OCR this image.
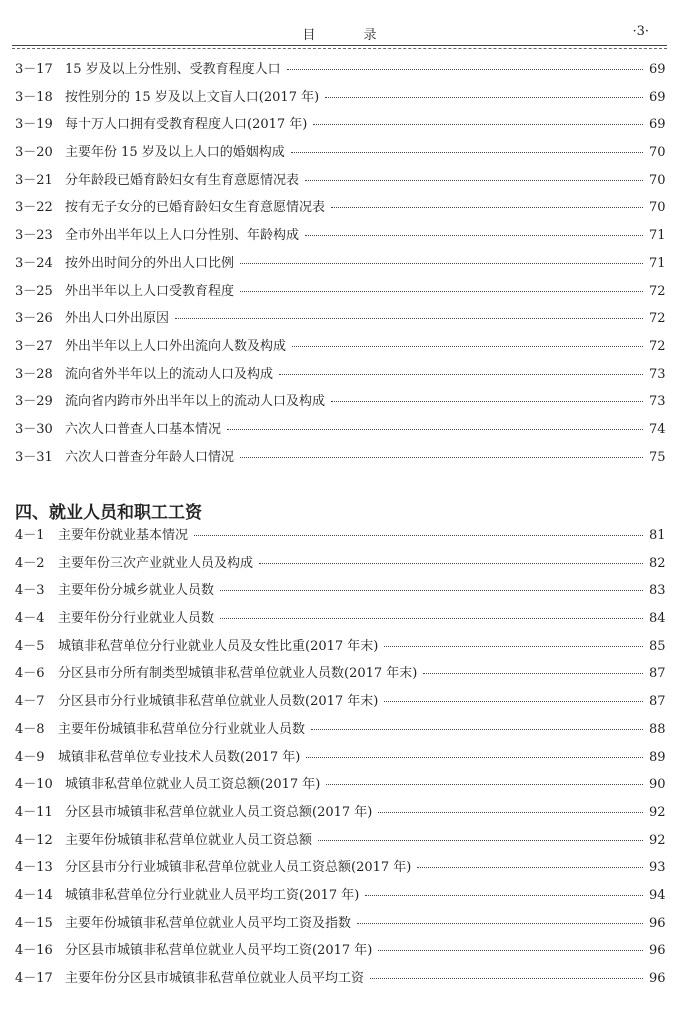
目录	·3·
3－17 15 岁及以上分性别、受教育程度人口	69
3－18 按性别分的 15 岁及以上文盲人口(2017 年)	69
3－19 每十万人口拥有受教育程度人口(2017 年)	69
3－20 主要年份 15 岁及以上人口的婚姻构成	70
3－21 分年龄段已婚育龄妇女有生育意愿情况表	70
3－22 按有无子女分的已婚育龄妇女生育意愿情况表	70
3－23 全市外出半年以上人口分性别、年龄构成	71
3－24 按外出时间分的外出人口比例	71
3－25 外出半年以上人口受教育程度	72
3－26 外出人口外出原因	72
3－27 外出半年以上人口外出流向人数及构成	72
3－28 流向省外半年以上的流动人口及构成	73
3－29 流向省内跨市外出半年以上的流动人口及构成	73
3－30 六次人口普查人口基本情况	74
3－31 六次人口普查分年龄人口情况	75
四、就业人员和职工工资
4－1	主要年份就业基本情况	81
4－2	主要年份三次产业就业人员及构成	82
4－3	主要年份分城乡就业人员数	83
4－4	主要年份分行业就业人员数	84
4－5	城镇非私营单位分行业就业人员及女性比重(2017 年末)	85
4－6	分区县市分所有制类型城镇非私营单位就业人员数(2017 年末)	87
4－7	分区县市分行业城镇非私营单位就业人员数(2017 年末)	87
4－8	主要年份城镇非私营单位分行业就业人员数	88
4－9	城镇非私营单位专业技术人员数(2017 年)	89
4－10 城镇非私营单位就业人员工资总额(2017 年)	90
4－11 分区县市城镇非私营单位就业人员工资总额(2017 年)	92
4－12 主要年份城镇非私营单位就业人员工资总额	92
4－13 分区县市分行业城镇非私营单位就业人员工资总额(2017 年)	93
4－14 城镇非私营单位分行业就业人员平均工资(2017 年)	94
4－15 主要年份城镇非私营单位就业人员平均工资及指数	96
4－16 分区县市城镇非私营单位就业人员平均工资(2017 年)	96
4－17 主要年份分区县市城镇非私营单位就业人员平均工资	96
